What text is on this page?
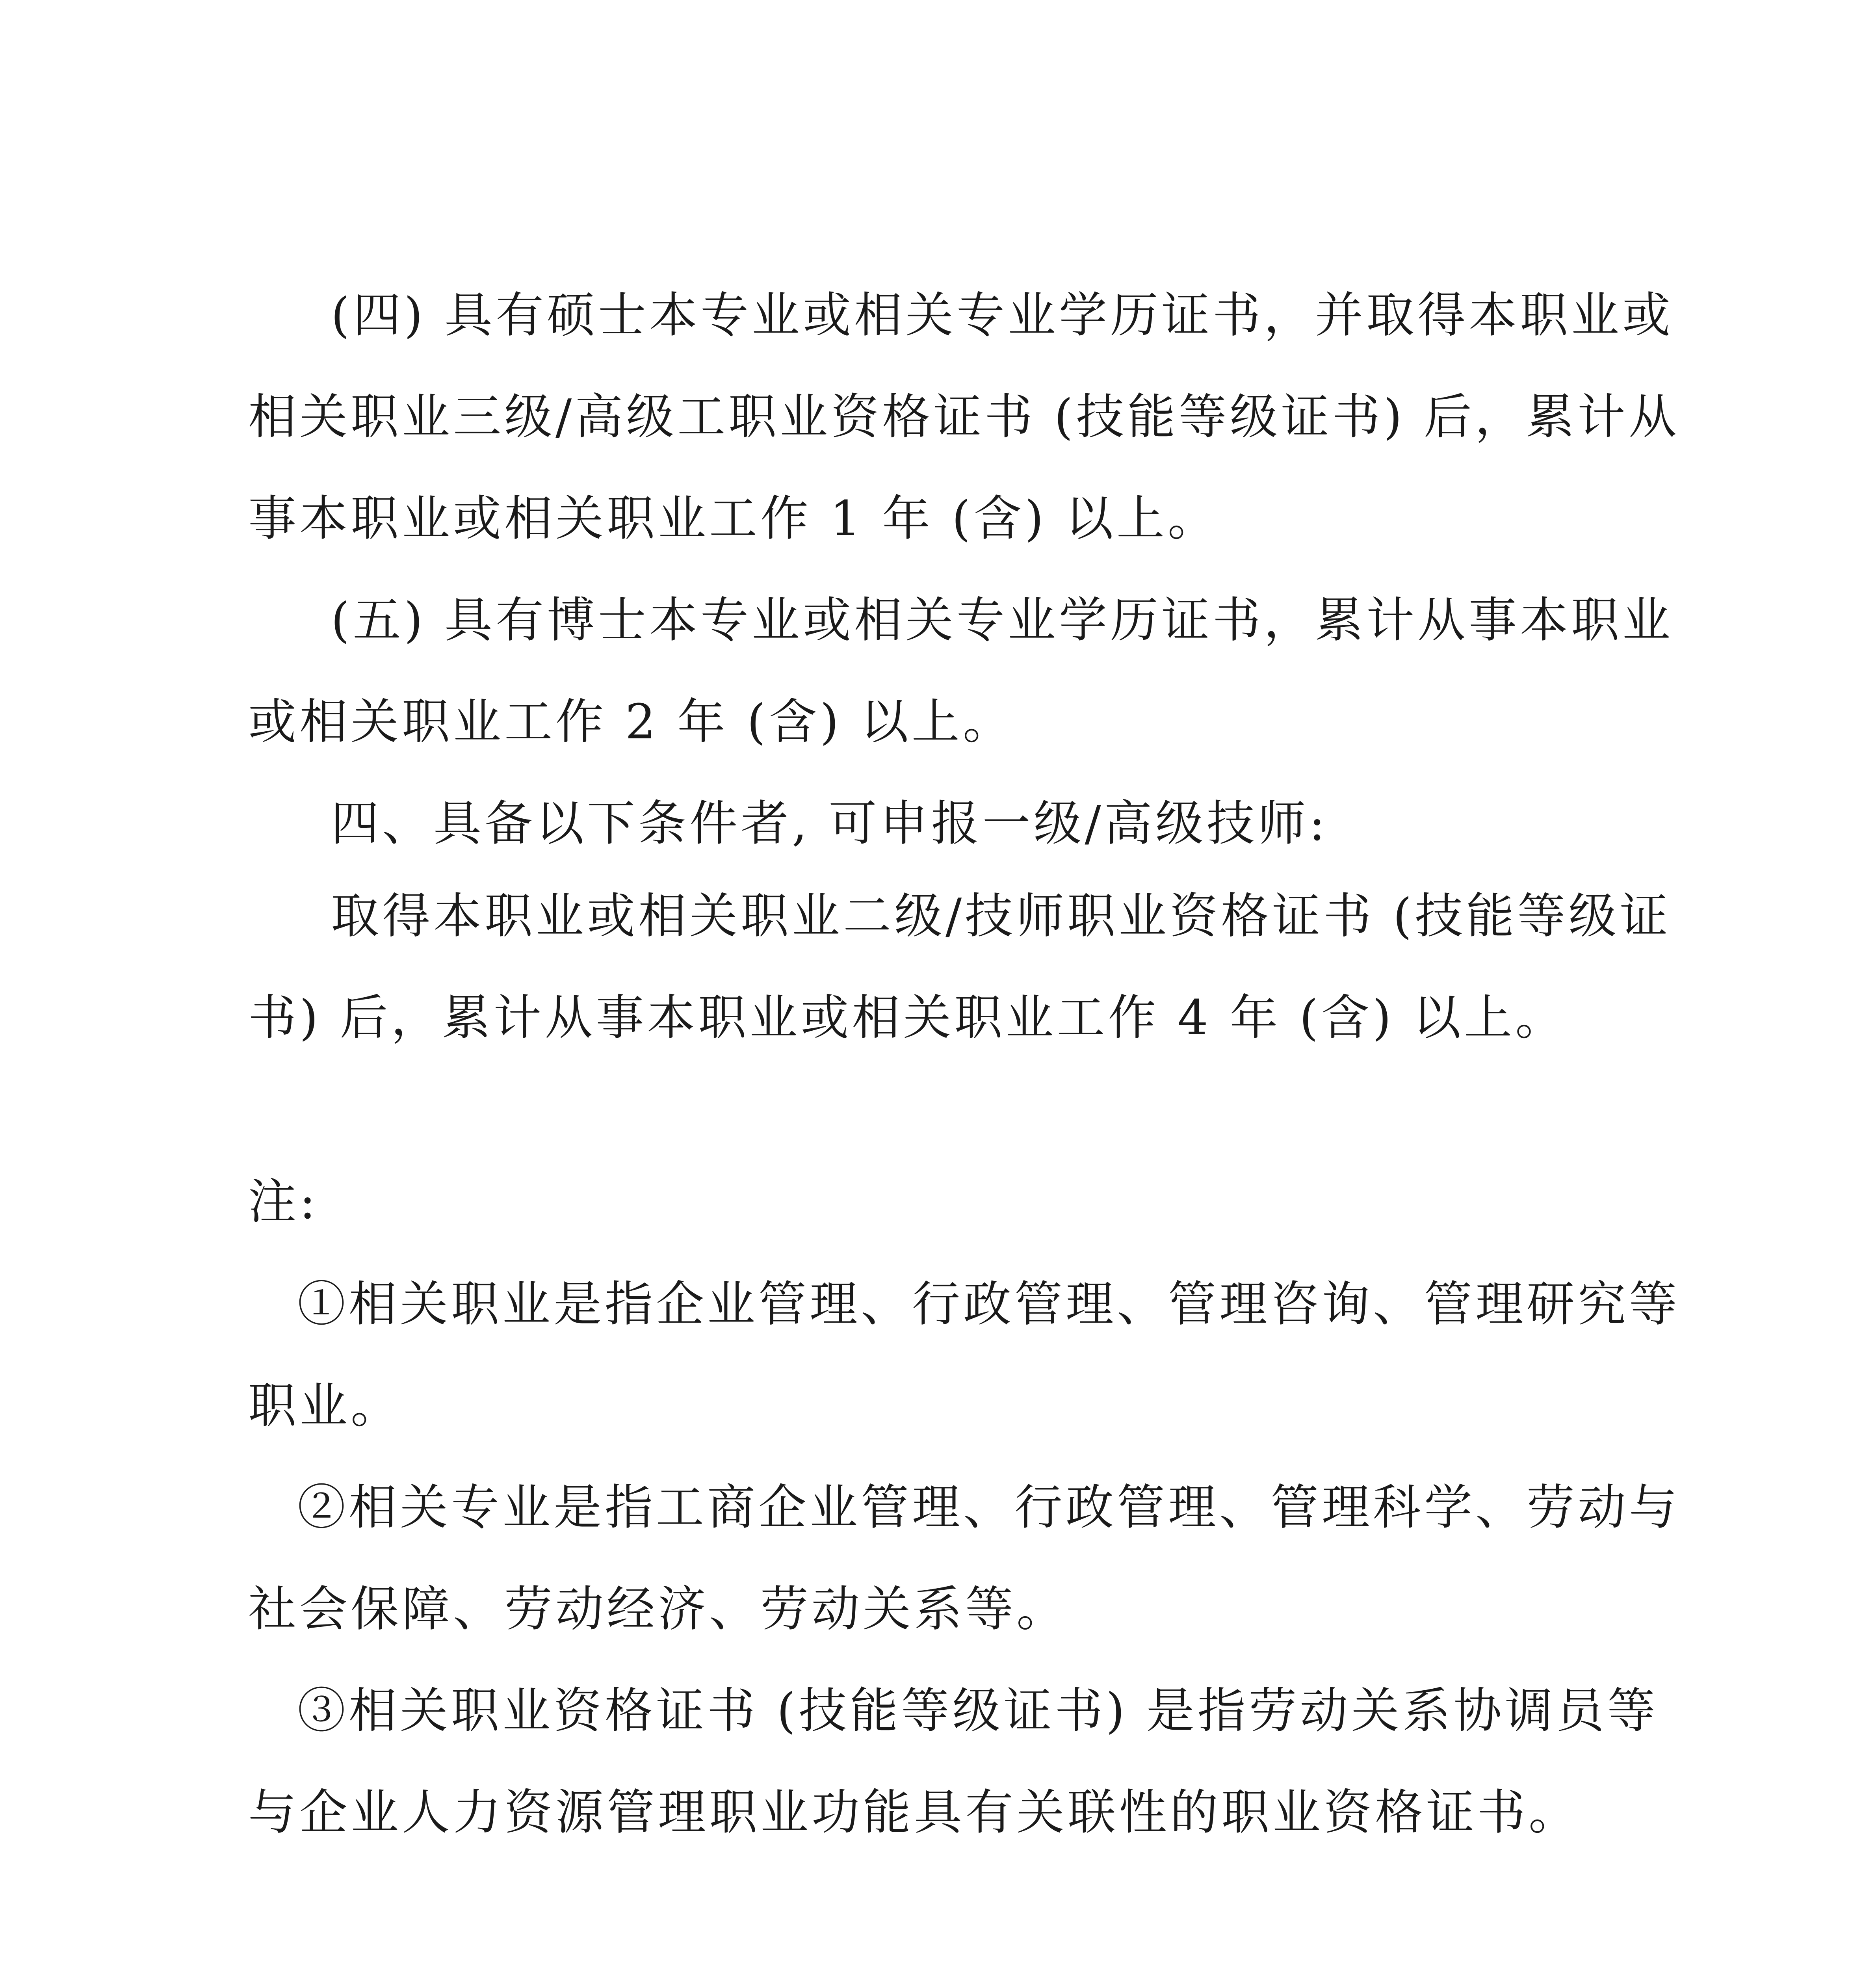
(四) 具有硕士本专业或相关专业学历证书，并取得本职业或
相关职业三级/高级工职业资格证书 (技能等级证书) 后，累计从
事本职业或相关职业工作 1 年 (含) 以上。
(五) 具有博士本专业或相关专业学历证书，累计从事本职业
或相关职业工作 2 年 (含) 以上。
四、具备以下条件者, 可申报一级/高级技师:
取得本职业或相关职业二级/技师职业资格证书 (技能等级证
书) 后，累计从事本职业或相关职业工作 4 年 (含) 以上。
注:
①相关职业是指企业管理、行政管理、管理咨询、管理研究等
职业。
②相关专业是指工商企业管理、行政管理、管理科学、劳动与
社会保障、劳动经济、劳动关系等。
③相关职业资格证书 (技能等级证书) 是指劳动关系协调员等
与企业人力资源管理职业功能具有关联性的职业资格证书。
